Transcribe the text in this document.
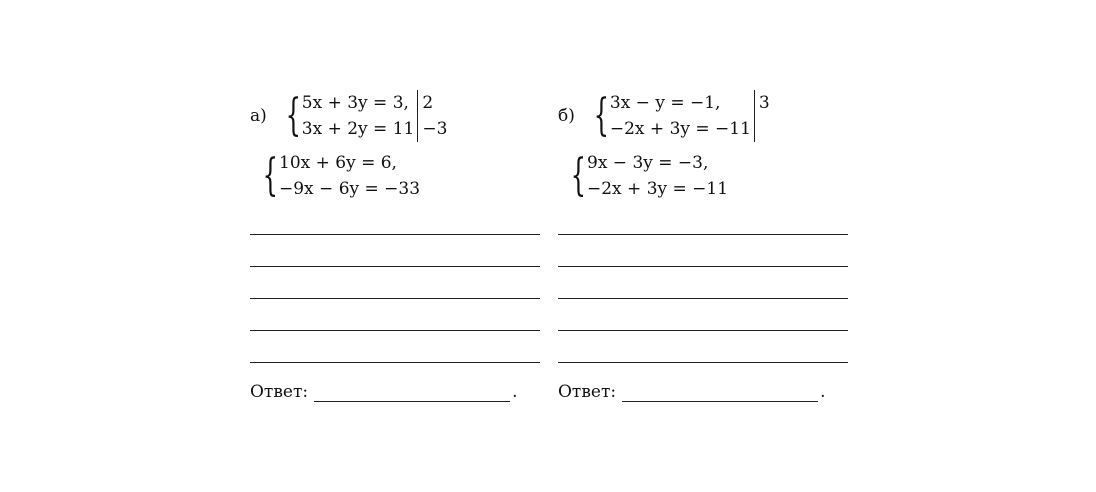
а) { 5x + 3y = 3,
3x + 2y = 11
2
−3
{ 10x + 6y = 6,
−9x − 6y = −33
Ответ:	.
б) { 3x − y = −1,
−2x + 3y = −11
3

{ 9x − 3y = −3,
−2x + 3y = −11
Ответ:	.
